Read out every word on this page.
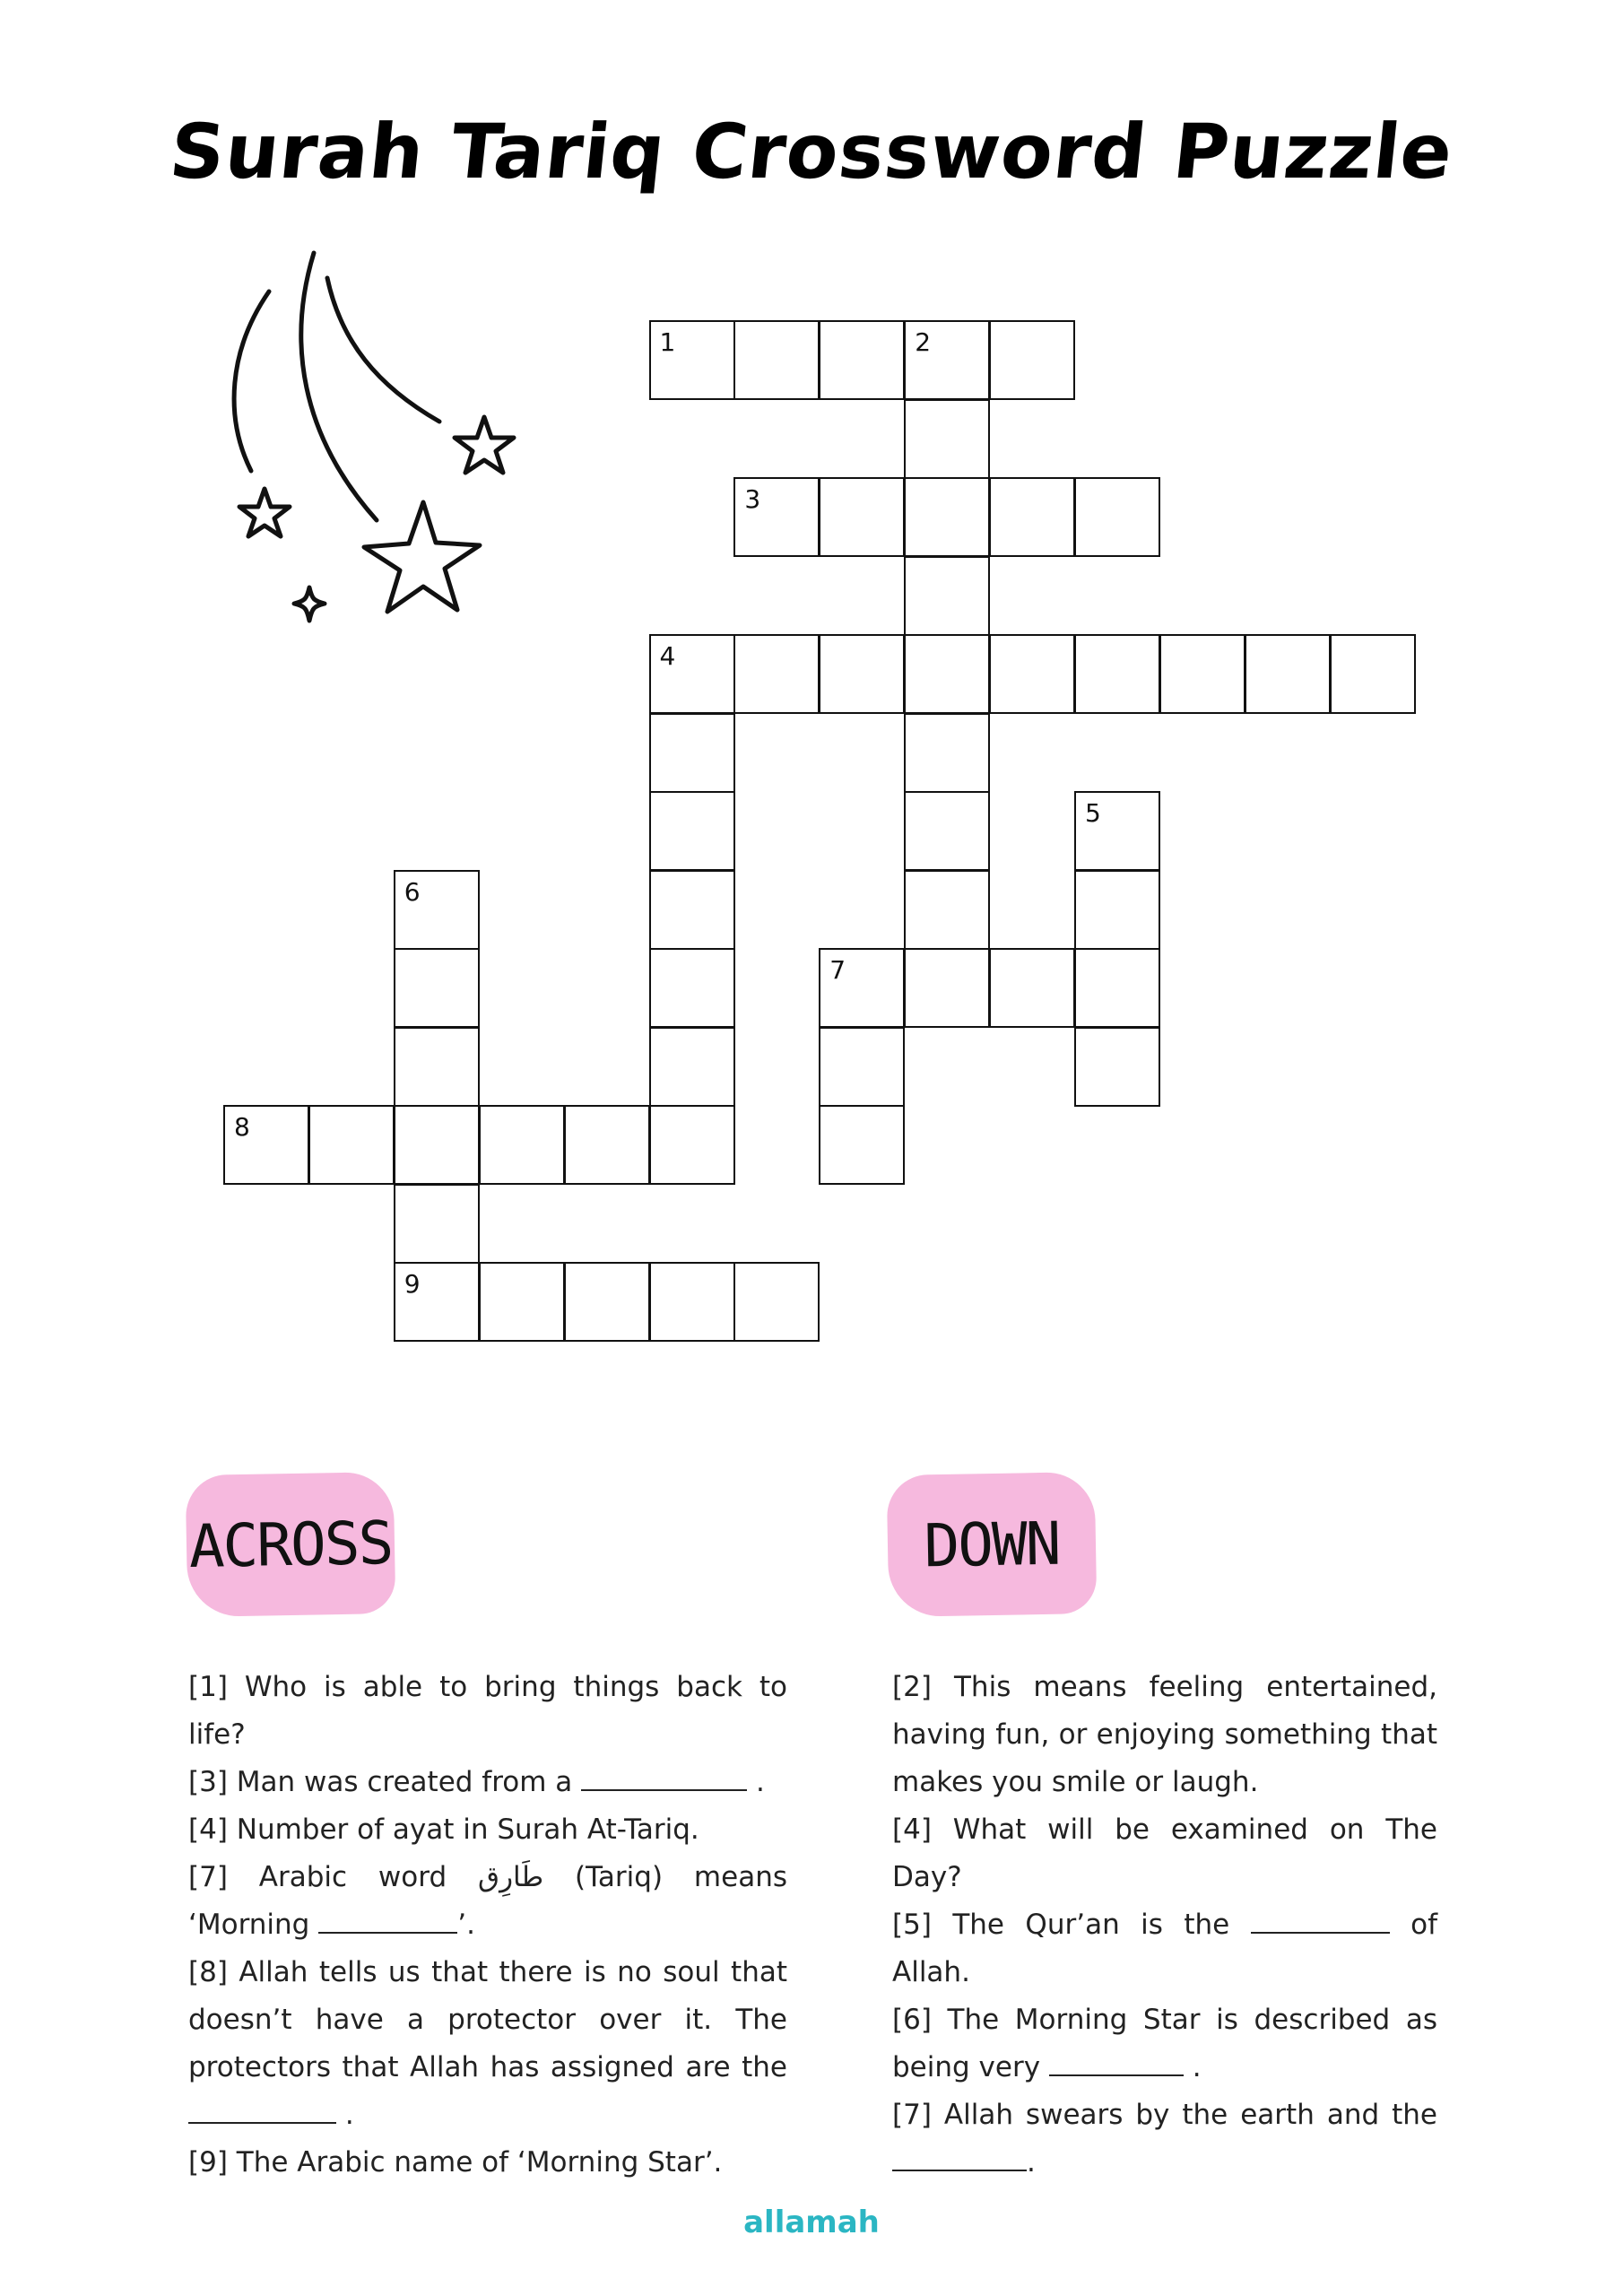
Surah Tariq Crossword Puzzle
1	2
3
4
5
6
7
8
9
ACROSS	DOWN

[1] Who is able to bring things back to life?

[3] Man was created from a	.

[4] Number of ayat in Surah At-Tariq.

[7] Arabic word طَارِق (Tariq) means ‘Morning	’.

[8] Allah tells us that there is no soul that doesn’t have a protector over it. The protectors that Allah has assigned are the  .

[9] The Arabic name of ‘Morning Star’.

[2] This means feeling entertained, having fun, or enjoying something that makes you smile or laugh.

[4] What will be examined on The Day?

[5] The Qur’an is the	of Allah.

[6] The Morning Star is described as being very	.

[7] Allah swears by the earth and the .

allamah
